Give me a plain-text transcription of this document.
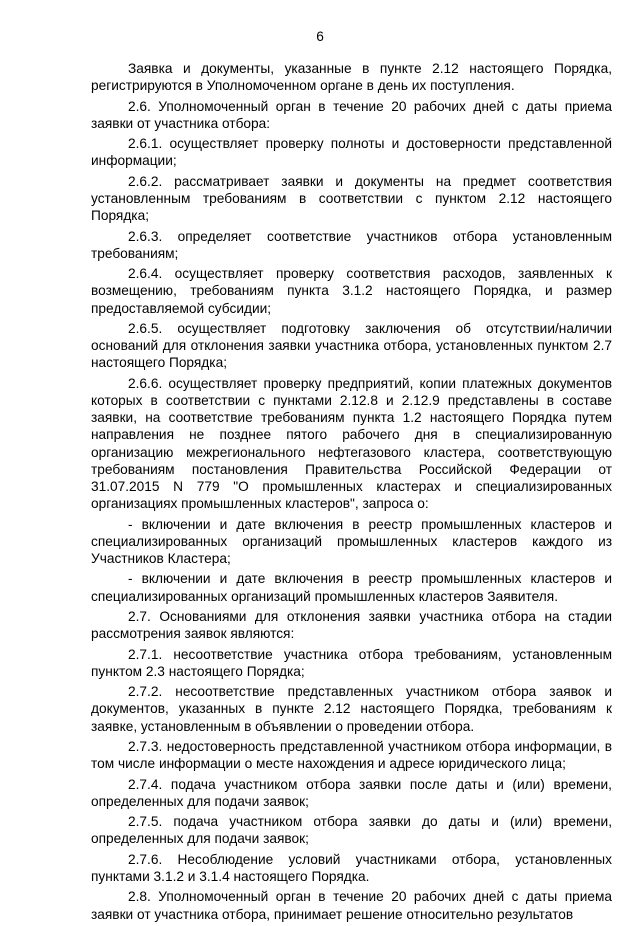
6

Заявка и документы, указанные в пункте 2.12 настоящего Порядка, регистрируются в Уполномоченном органе в день их поступления.

2.6. Уполномоченный орган в течение 20 рабочих дней с даты приема заявки от участника отбора:

2.6.1. осуществляет проверку полноты и достоверности представленной информации;

2.6.2. рассматривает заявки и документы на предмет соответствия установленным требованиям в соответствии с пунктом 2.12 настоящего Порядка;

2.6.3. определяет соответствие участников отбора установленным требованиям;

2.6.4. осуществляет проверку соответствия расходов, заявленных к возмещению, требованиям пункта 3.1.2 настоящего Порядка, и размер предоставляемой субсидии;

2.6.5. осуществляет подготовку заключения об отсутствии/наличии оснований для отклонения заявки участника отбора, установленных пунктом 2.7 настоящего Порядка;

2.6.6. осуществляет проверку предприятий, копии платежных документов которых в соответствии с пунктами 2.12.8 и 2.12.9 представлены в составе заявки, на соответствие требованиям пункта 1.2 настоящего Порядка путем направления не позднее пятого рабочего дня в специализированную организацию межрегионального нефтегазового кластера, соответствующую требованиям постановления Правительства Российской Федерации от 31.07.2015 N 779 "О промышленных кластерах и специализированных организациях промышленных кластеров", запроса о:

- включении и дате включения в реестр промышленных кластеров и специализированных организаций промышленных кластеров каждого из Участников Кластера;

- включении и дате включения в реестр промышленных кластеров и специализированных организаций промышленных кластеров Заявителя.

2.7. Основаниями для отклонения заявки участника отбора на стадии рассмотрения заявок являются:

2.7.1. несоответствие участника отбора требованиям, установленным пунктом 2.3 настоящего Порядка;

2.7.2. несоответствие представленных участником отбора заявок и документов, указанных в пункте 2.12 настоящего Порядка, требованиям к заявке, установленным в объявлении о проведении отбора.

2.7.3. недостоверность представленной участником отбора информации, в том числе информации о месте нахождения и адресе юридического лица;

2.7.4. подача участником отбора заявки после даты и (или) времени, определенных для подачи заявок;

2.7.5. подача участником отбора заявки до даты и (или) времени, определенных для подачи заявок;

2.7.6. Несоблюдение условий участниками отбора, установленных пунктами 3.1.2 и 3.1.4 настоящего Порядка.

2.8. Уполномоченный орган в течение 20 рабочих дней с даты приема заявки от участника отбора, принимает решение относительно результатов
